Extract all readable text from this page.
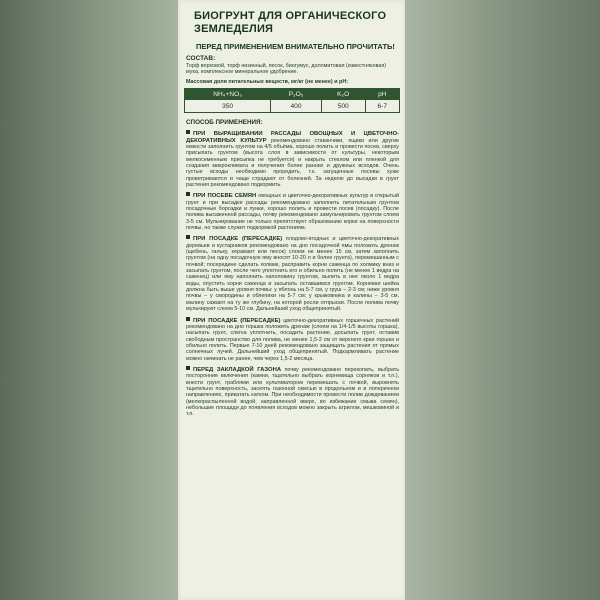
БИОГРУНТ ДЛЯ ОРГАНИЧЕСКОГО
ЗЕМЛЕДЕЛИЯ
ПЕРЕД ПРИМЕНЕНИЕМ ВНИМАТЕЛЬНО ПРОЧИТАТЬ!
СОСТАВ:
Торф верховой, торф низинный, песок, биогумус, доломитовая (известняковая) мука, комплексное минеральное удобрение.
Массовая доля питательных веществ, мг/кг (не менее) и pH:
NH₄+NO₃	P₂O₅	K₂O	pH
350	400	500	6-7
СПОСОБ ПРИМЕНЕНИЯ:
ПРИ ВЫРАЩИВАНИИ РАССАДЫ ОВОЩНЫХ И ЦВЕТОЧНО-ДЕКОРАТИВНЫХ КУЛЬТУР рекомендовано стаканчики, ящики или другие емкости заполнить грунтом на 4/5 объёма, хорошо полить и провести посев, сверху присыпать грунтом (высота слоя в зависимости от культуры, некоторым мелкосеменным присыпка не требуется) и накрыть стеклом или пленкой для создания микроклимата и получения более ранних и дружных всходов. Очень густые всходы необходимо проредить, т.к. загущенные посевы хуже проветриваются и чаще страдают от болезней. За неделю до высадки в грунт растения рекомендовано подкормить.
ПРИ ПОСЕВЕ СЕМЯН овощных и цветочно-декоративных культур в открытый грунт и при высадке рассады рекомендовано заполнить питательным грунтом посадочные бороздки и лунки, хорошо полить и провести посев (посадку). После полива высаженной рассады, почву рекомендовано замульчировать грунтом слоем 3-5 см. Мульчирование не только препятствует образованию корки на поверхности почвы, но также служит подкормкой растениям.
ПРИ ПОСАДКЕ (ПЕРЕСАДКЕ) плодово-ягодных и цветочно-декоративных деревьев и кустарников рекомендовано на дно посадочной ямы положить дренаж (щебень, гальку, керамзит или песок) слоем не менее 15 см, затем заполнить грунтом (на одну посадочную яму вносят 10-20 л и более грунта), перемешанным с почвой; посередине сделать холмик, расправить корни саженца по холмику вниз и засыпать грунтом, после чего уплотнить его и обильно полить (не менее 1 ведра на саженец) или яму наполнить наполовину грунтом, вылить в нее около 1 ведра воды, опустить корни саженца и засыпать оставшимся грунтом. Корневая шейка должна быть выше уровня почвы: у яблонь на 5-7 см, у груш – 2-3 см; ниже уровня почвы – у смородины и облепихи на 5-7 см; у крыжовника и калины – 3-5 см, малину сажают на ту же глубину, на которой росли отпрыски. После полива почву мульчируют слоем 5-10 см. Дальнейший уход общепринятый.
ПРИ ПОСАДКЕ (ПЕРЕСАДКЕ) цветочно-декоративных горшечных растений рекомендовано на дно горшка положить дренаж (слоем на 1/4-1/5 высоты горшка), насыпать грунт, слегка уплотнить, посадить растение, досыпать грунт, оставив свободным пространство для полива, не менее 1,5-2 см от верхнего края горшка и обильно полить. Первые 7-10 дней рекомендовано защищать растения от прямых солнечных лучей. Дальнейший уход общепринятый. Подкармливать растение можно начинать не ранее, чем через 1,5-2 месяца.
ПЕРЕД ЗАКЛАДКОЙ ГАЗОНА почву рекомендовано перекопать, выбрать посторонние включения (камни, тщательно выбрать корневища сорняков и т.п.), внести грунт, граблями или культиватором перемешать с почвой, выровнять тщательно поверхность, засеять газонной смесью в продольном и в поперечном направлениях, прикатать катком. При необходимости провести полив дождеванием (мелкораспыленной водой, направленной вверх, во избежание смыва семян), небольшие площади до появления всходов можно закрыть агрилом, мешковиной и т.п.
